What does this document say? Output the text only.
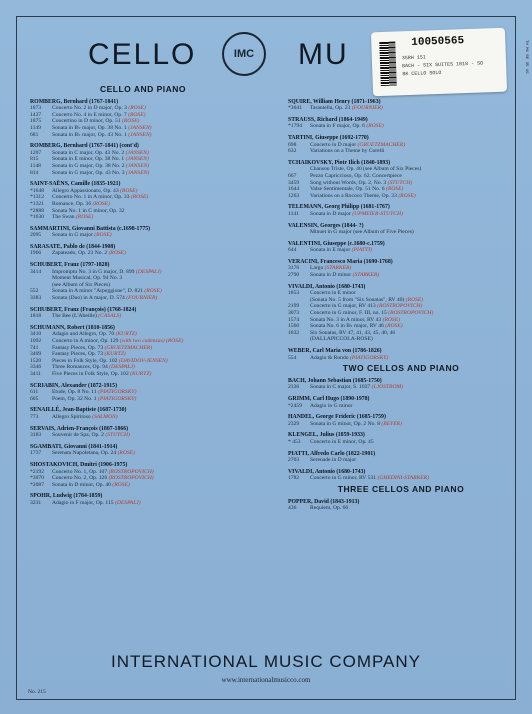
CELLO	IMC	MU	10050565
35RH 151
BACH - SIX SUITES 1018 - SO
BK CELLO SOLO	TH M1 RE 35 15
CELLO AND PIANO
ROMBERG, Bernhard (1767-1841)
1873	Concerto No. 2 in D major, Op. 3 (ROSE)
1437	Concerto No. 4 in E minor, Op. 7 (ROSE)
1875	Concertino in D minor, Op. 51 (ROSE)
1149	Sonata in B♭ major, Op. 38 No. 1 (JANSEN)
681	Sonata in B♭ major, Op. 43 No. 1 (JANSEN)
ROMBERG, Bernhard (1767-1841) (cont'd)
1207	Sonata in C major, Op. 43 No. 2 (JANSEN)
815	Sonata in E minor, Op. 38 No. 1 (JANSEN)
1148	Sonata in G major, Op. 38 No. 2 (JANSEN)
814	Sonata in G major, Op. 43 No. 3 (JANSEN)
SAINT-SAËNS, Camille (1835-1921)
*1648	Allegro Appassionato, Op. 43 (ROSE)
*1312	Concerto No. 1 in A minor, Op. 33 (ROSE)
*1321	Romance, Op. 36 (ROSE)
*2888	Sonata No. 1 in C minor, Op. 32
*1630	The Swan (ROSE)
SAMMARTINI, Giovanni Battista (c.1698-1775)
2095	Sonata in G major (ROSE)
SARASATE, Pablo de (1844-1908)
1966	Zapateado, Op. 23 No. 2 (ROSE)
SCHUBERT, Franz (1797-1828)
3414	Impromptu No. 3 in G major, D. 899 (DESPALJ)
Moment Musical, Op. 94 No. 3
(see Album of Six Pieces)
552	Sonata in A minor "Arpeggione", D. 821 (ROSE)
3383	Sonata (Duo) in A major, D. 574 (FOURNIER)
SCHUBERT, Franz (François) (1768-1824)
1818	The Bee (L'Abeille) (CASALS)
SCHUMANN, Robert (1810-1856)
3410	Adagio and Allegro, Op. 70 (KURTZ)
1092	Concerto in A minor, Op. 129 (with two cadenzas) (ROSE)
741	Fantasy Pieces, Op. 73 (GRUETZMACHER)
3409	Fantasy Pieces, Op. 73 (KURTZ)
1520	Pieces in Folk Style, Op. 102 (DAVIDOV-JENSEN)
3346	Three Romances, Op. 94 (DESPALJ)
3411	Five Pieces in Folk Style, Op. 102 (KURTZ)
SCRIABIN, Alexander (1872-1915)
611	Etude, Op. 8 No. 11 (PIATIGORSKY)
605	Poem, Op. 32 No. 1 (PIATIGORSKY)
SENAILLÉ, Jean-Baptiste (1687-1730)
773	Allegro Spiritoso (SALMON)
SERVAIS, Adrien-François (1807-1866)
3183	Souvenir de Spa, Op. 2 (STUTCH)
SGAMBATI, Giovanni (1841-1914)
1737	Serenata Napoletana, Op. 24 (ROSE)
SHOSTAKOVICH, Dmitri (1906-1975)
*2192	Concerto No. 1, Op. 107 (ROSTROPOVICH)
*3070	Concerto No. 2, Op. 126 (ROSTROPOVICH)
*2087	Sonata in D minor, Op. 40 (ROSE)
SPOHR, Ludwig (1784-1859)
3231	Adagio in F major, Op. 115 (DESPALJ)
SQUIRE, William Henry (1871-1963)
*3041	Tarantella, Op. 23 (FOURNIER)
STRAUSS, Richard (1864-1949)
*1794	Sonata in F major, Op. 6 (ROSE)
TARTINI, Giuseppe (1692-1770)
698	Concerto in D major (GRUETZMACHER)
632	Variations on a Theme by Corelli
TCHAIKOVSKY, Piotr Ilich (1840-1893)
Chanson Triste, Op. 40 (see Album of Six Pieces)
667	Pezzo Capriccioso, Op. 62. Concertpiece
3459	Song without Words, Op. 2, No. 3 (STUTCH)
1644	Valse Sentimentale, Op. 51 No. 6 (ROSE)
1263	Variations on a Rococo Theme, Op. 33 (ROSE)
TELEMANN, Georg Philipp (1681-1767)
1141	Sonata in D major (UPMEIER-STUTCH)
VALENSIN, Georges (1844- ?)
Minuet in G major (see Album of Five Pieces)
VALENTINI, Giuseppe (c.1680-c.1759)
644	Sonata in E major (PIATTI)
VERACINI, Francesco Maria (1690-1768)
3176	Largo (STARKER)
2790	Sonata in D minor (STARKER)
VIVALDI, Antonio (1680-1743)
1853	Concerto in E minor
(Sonata No. 5 from "Six Sonatas", RV 40) (ROSE)
2199	Concerto in G major, RV 413 (ROSTROPOVICH)
3073	Concerto in G minor, F. III, no. 15 (ROSTROPOVICH)
1574	Sonata No. 3 in A minor, RV 43 (ROSE)
1560	Sonata No. 6 in B♭ major, RV 46 (ROSE)
1832	Six Sonatas, RV 47, 41, 43, 45, 40, 46
(DALLAPICCOLA-ROSE)
WEBER, Carl Maria von (1786-1826)
554	Adagio & Rondo (PIATIGORSKY)
TWO CELLOS AND PIANO
BACH, Johann Sebastian (1685-1750)
2336	Sonata in C major, S. 1037 (LJOSTRÖM)
GRIMM, Carl Hugo (1890-1978)
*2459	Adagio in G minor
HANDEL, George Frideric (1685-1759)
2329	Sonata in G minor, Op. 2 No. 8 (BEYER)
KLENGEL, Julius (1859-1933)
* 453	Concerto in E minor, Op. 45
PIATTI, Alfredo Carlo (1822-1901)
2703	Serenade in D major
VIVALDI, Antonio (1680-1743)
1782	Concerto in G minor, RV 531 (GHEDINI-STARKER)
THREE CELLOS AND PIANO
POPPER, David (1843-1913)
436	Requiem, Op. 66
INTERNATIONAL MUSIC COMPANY
www.internationalmusicco.com
No. 215
